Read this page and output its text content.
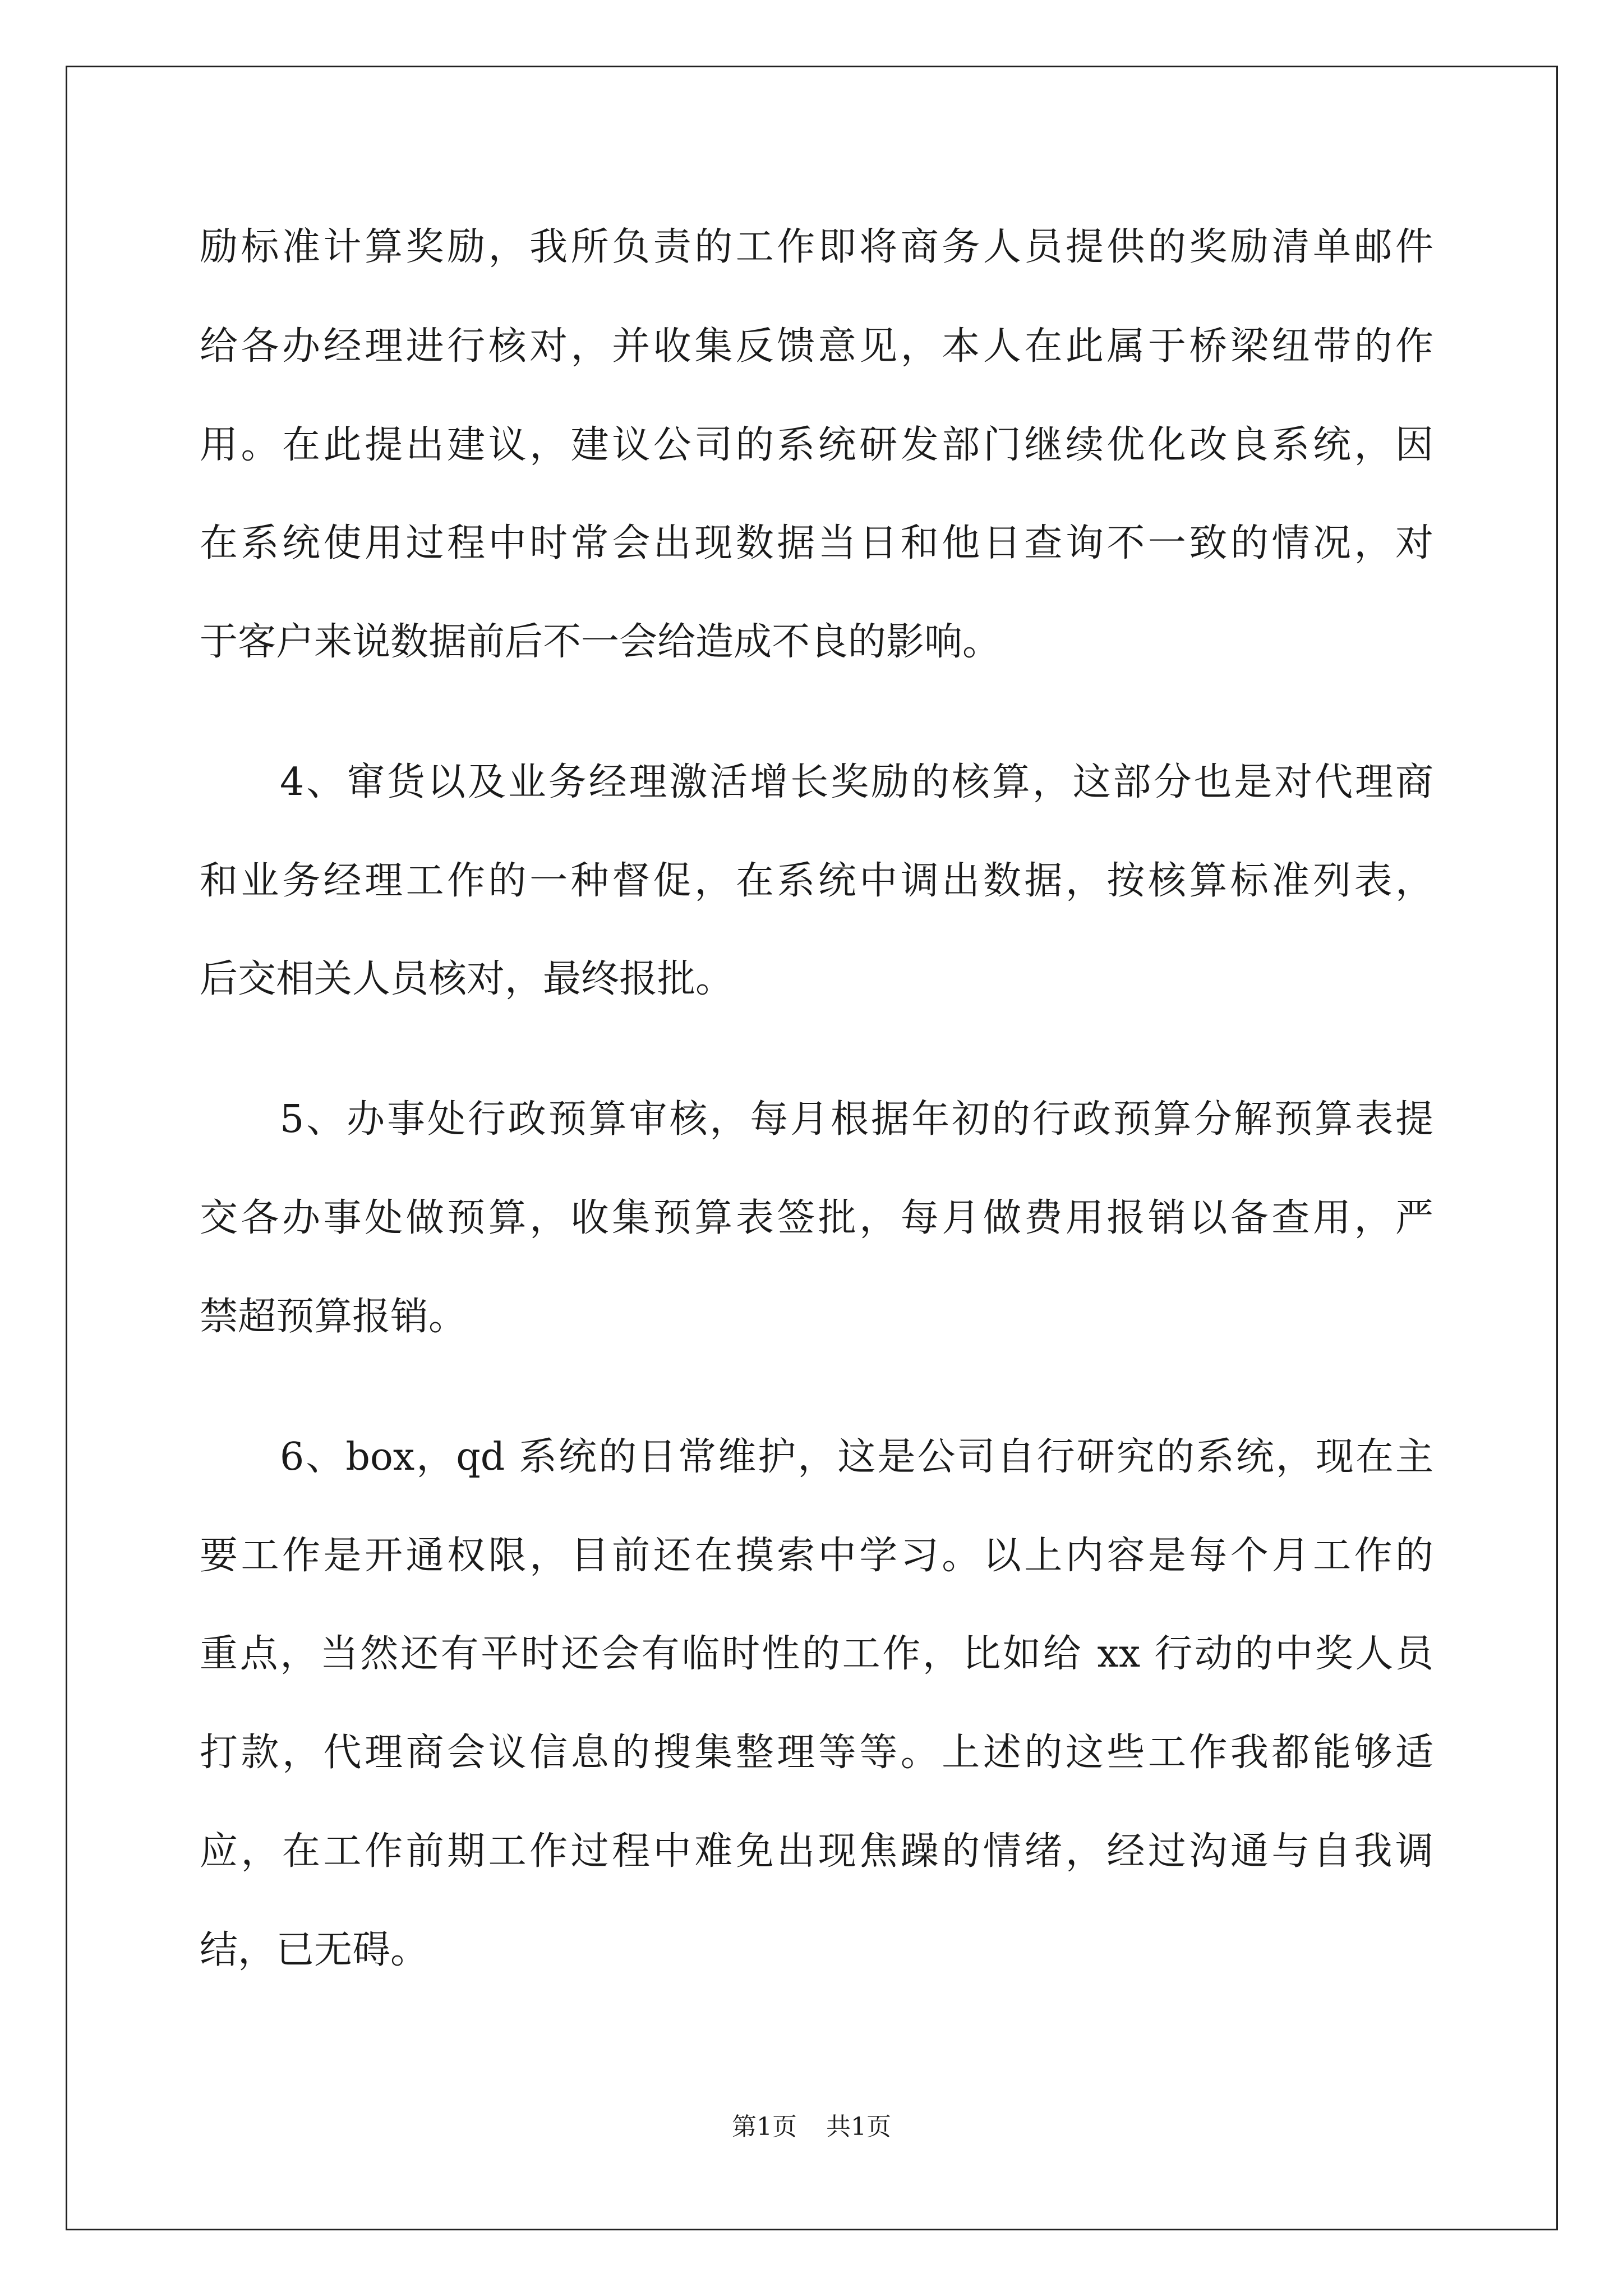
励标准计算奖励，我所负责的工作即将商务人员提供的奖励清单邮件
给各办经理进行核对，并收集反馈意见，本人在此属于桥梁纽带的作
用。在此提出建议，建议公司的系统研发部门继续优化改良系统，因
在系统使用过程中时常会出现数据当日和他日查询不一致的情况，对
于客户来说数据前后不一会给造成不良的影响。
4、窜货以及业务经理激活增长奖励的核算，这部分也是对代理商
和业务经理工作的一种督促，在系统中调出数据，按核算标准列表，
后交相关人员核对，最终报批。
5、办事处行政预算审核，每月根据年初的行政预算分解预算表提
交各办事处做预算，收集预算表签批，每月做费用报销以备查用，严
禁超预算报销。
6、box，qd 系统的日常维护，这是公司自行研究的系统，现在主
要工作是开通权限，目前还在摸索中学习。以上内容是每个月工作的
重点，当然还有平时还会有临时性的工作，比如给 xx 行动的中奖人员
打款，代理商会议信息的搜集整理等等。上述的这些工作我都能够适
应，在工作前期工作过程中难免出现焦躁的情绪，经过沟通与自我调
结，已无碍。
第1页 共1页
